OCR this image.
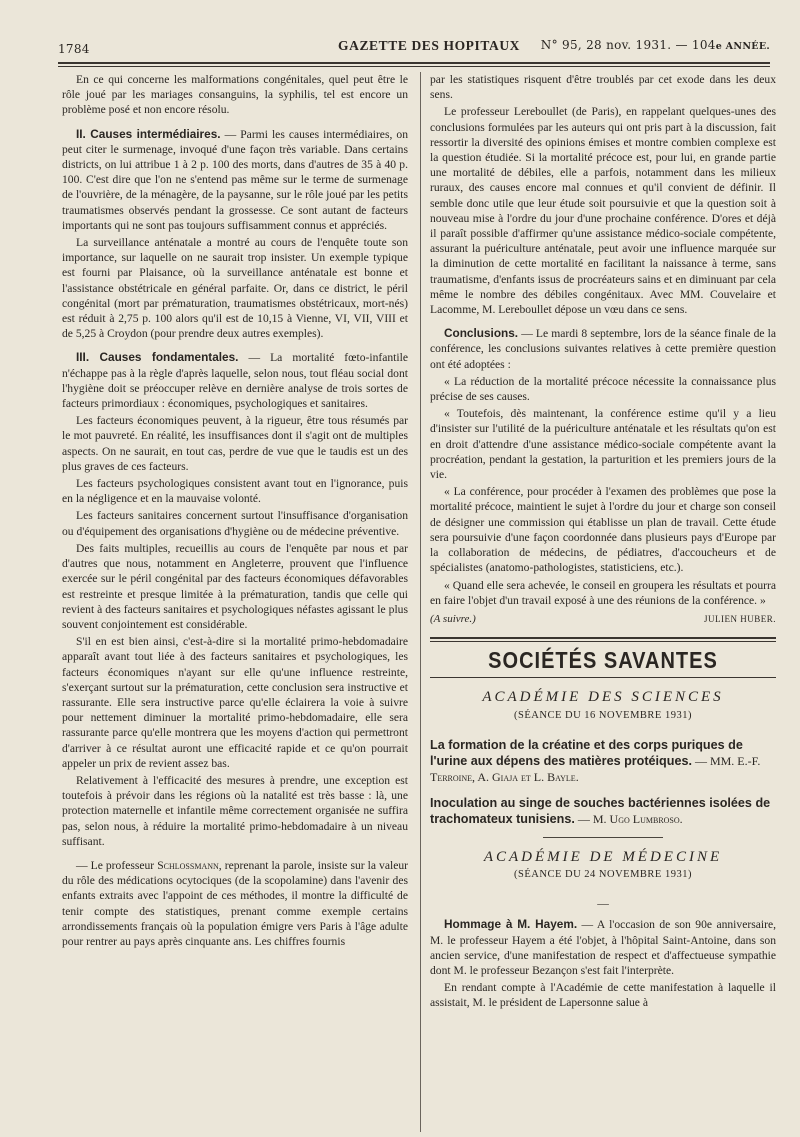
1784	GAZETTE DES HOPITAUX N° 95, 28 nov. 1931. — 104e ANNÉE.

En ce qui concerne les malformations congénitales, quel peut être le rôle joué par les mariages consanguins, la syphilis, tel est encore un problème posé et non encore résolu.

II. Causes intermédiaires. — Parmi les causes intermédiaires, on peut citer le surmenage, invoqué d'une façon très variable. Dans certains districts, on lui attribue 1 à 2 p. 100 des morts, dans d'autres de 35 à 40 p. 100. C'est dire que l'on ne s'entend pas même sur le terme de surmenage de l'ouvrière, de la ménagère, de la paysanne, sur le rôle joué par les petits traumatismes observés pendant la grossesse. Ce sont autant de facteurs importants qui ne sont pas toujours suffisamment connus et appréciés.

La surveillance anténatale a montré au cours de l'enquête toute son importance, sur laquelle on ne saurait trop insister. Un exemple typique est fourni par Plaisance, où la surveillance anténatale est bonne et l'assistance obstétricale en général parfaite. Or, dans ce district, le péril congénital (mort par prématuration, traumatismes obstétricaux, mort-nés) est réduit à 2,75 p. 100 alors qu'il est de 10,15 à Vienne, VI, VII, VIII et de 5,25 à Croydon (pour prendre deux autres exemples).

III. Causes fondamentales. — La mortalité fœto-infantile n'échappe pas à la règle d'après laquelle, selon nous, tout fléau social dont l'hygiène doit se préoccuper relève en dernière analyse de trois sortes de facteurs primordiaux : économiques, psychologiques et sanitaires.

Les facteurs économiques peuvent, à la rigueur, être tous résumés par le mot pauvreté. En réalité, les insuffisances dont il s'agit ont de multiples aspects. On ne saurait, en tout cas, perdre de vue que le taudis est un des plus graves de ces facteurs.

Les facteurs psychologiques consistent avant tout en l'ignorance, puis en la négligence et en la mauvaise volonté.

Les facteurs sanitaires concernent surtout l'insuffisance d'organisation ou d'équipement des organisations d'hygiène ou de médecine préventive.

Des faits multiples, recueillis au cours de l'enquête par nous et par d'autres que nous, notamment en Angleterre, prouvent que l'influence exercée sur le péril congénital par des facteurs économiques défavorables est restreinte et presque limitée à la prématuration, tandis que celle qui revient à des facteurs sanitaires et psychologiques néfastes agissant le plus souvent conjointement est considérable.

S'il en est bien ainsi, c'est-à-dire si la mortalité primo-hebdomadaire apparaît avant tout liée à des facteurs sanitaires et psychologiques, les facteurs économiques n'ayant sur elle qu'une influence restreinte, s'exerçant surtout sur la prématuration, cette conclusion sera instructive et rassurante. Elle sera instructive parce qu'elle éclairera la voie à suivre pour nettement diminuer la mortalité primo-hebdomadaire, elle sera rassurante parce qu'elle montrera que les moyens d'action qui permettront d'arriver à ce résultat auront une efficacité rapide et ce qu'on pourrait appeler un prix de revient assez bas.

Relativement à l'efficacité des mesures à prendre, une exception est toutefois à prévoir dans les régions où la natalité est très basse : là, une protection maternelle et infantile même correctement organisée ne suffira pas, selon nous, à réduire la mortalité primo-hebdomadaire à un niveau suffisant.

— Le professeur Schlossmann, reprenant la parole, insiste sur la valeur du rôle des médications ocytociques (de la scopolamine) dans l'avenir des enfants extraits avec l'appoint de ces méthodes, il montre la difficulté de tenir compte des statistiques, prenant comme exemple certains arrondissements français où la population émigre vers Paris à l'âge adulte pour rentrer au pays après cinquante ans. Les chiffres fournis

par les statistiques risquent d'être troublés par cet exode dans les deux sens.

Le professeur Lereboullet (de Paris), en rappelant quelques-unes des conclusions formulées par les auteurs qui ont pris part à la discussion, fait ressortir la diversité des opinions émises et montre combien complexe est la question étudiée. Si la mortalité précoce est, pour lui, en grande partie une mortalité de débiles, elle a parfois, notamment dans les milieux ruraux, des causes encore mal connues et qu'il convient de définir. Il semble donc utile que leur étude soit poursuivie et que la question soit à nouveau mise à l'ordre du jour d'une prochaine conférence. D'ores et déjà il paraît possible d'affirmer qu'une assistance médico-sociale compétente, assurant la puériculture anténatale, peut avoir une influence marquée sur la diminution de cette mortalité en facilitant la naissance à terme, sans traumatisme, d'enfants issus de procréateurs sains et en diminuant par cela même le nombre des débiles congénitaux. Avec MM. Couvelaire et Lacomme, M. Lereboullet dépose un vœu dans ce sens.

Conclusions. — Le mardi 8 septembre, lors de la séance finale de la conférence, les conclusions suivantes relatives à cette première question ont été adoptées :

« La réduction de la mortalité précoce nécessite la connaissance plus précise de ses causes.

« Toutefois, dès maintenant, la conférence estime qu'il y a lieu d'insister sur l'utilité de la puériculture anténatale et les résultats qu'on est en droit d'attendre d'une assistance médico-sociale compétente avant la procréation, pendant la gestation, la parturition et les premiers jours de la vie.

« La conférence, pour procéder à l'examen des problèmes que pose la mortalité précoce, maintient le sujet à l'ordre du jour et charge son conseil de désigner une commission qui établisse un plan de travail. Cette étude sera poursuivie d'une façon coordonnée dans plusieurs pays d'Europe par la collaboration de médecins, de pédiatres, d'accoucheurs et de spécialistes (anatomo-pathologistes, statisticiens, etc.).

« Quand elle sera achevée, le conseil en groupera les résultats et pourra en faire l'objet d'un travail exposé à une des réunions de la conférence. »

(A suivre.)	JULIEN HUBER.
SOCIÉTÉS SAVANTES
ACADÉMIE DES SCIENCES
(SÉANCE DU 16 NOVEMBRE 1931)
La formation de la créatine et des corps puriques de l'urine aux dépens des matières protéiques. — MM. E.-F. Terroine, A. Giaja et L. Bayle.
Inoculation au singe de souches bactériennes isolées de trachomateux tunisiens. — M. Ugo Lumbroso.
ACADÉMIE DE MÉDECINE
(SÉANCE DU 24 NOVEMBRE 1931)
—

Hommage à M. Hayem. — A l'occasion de son 90e anniversaire, M. le professeur Hayem a été l'objet, à l'hôpital Saint-Antoine, dans son ancien service, d'une manifestation de respect et d'affectueuse sympathie dont M. le professeur Bezançon s'est fait l'interprète.

En rendant compte à l'Académie de cette manifestation à laquelle il assistait, M. le président de Lapersonne salue à
